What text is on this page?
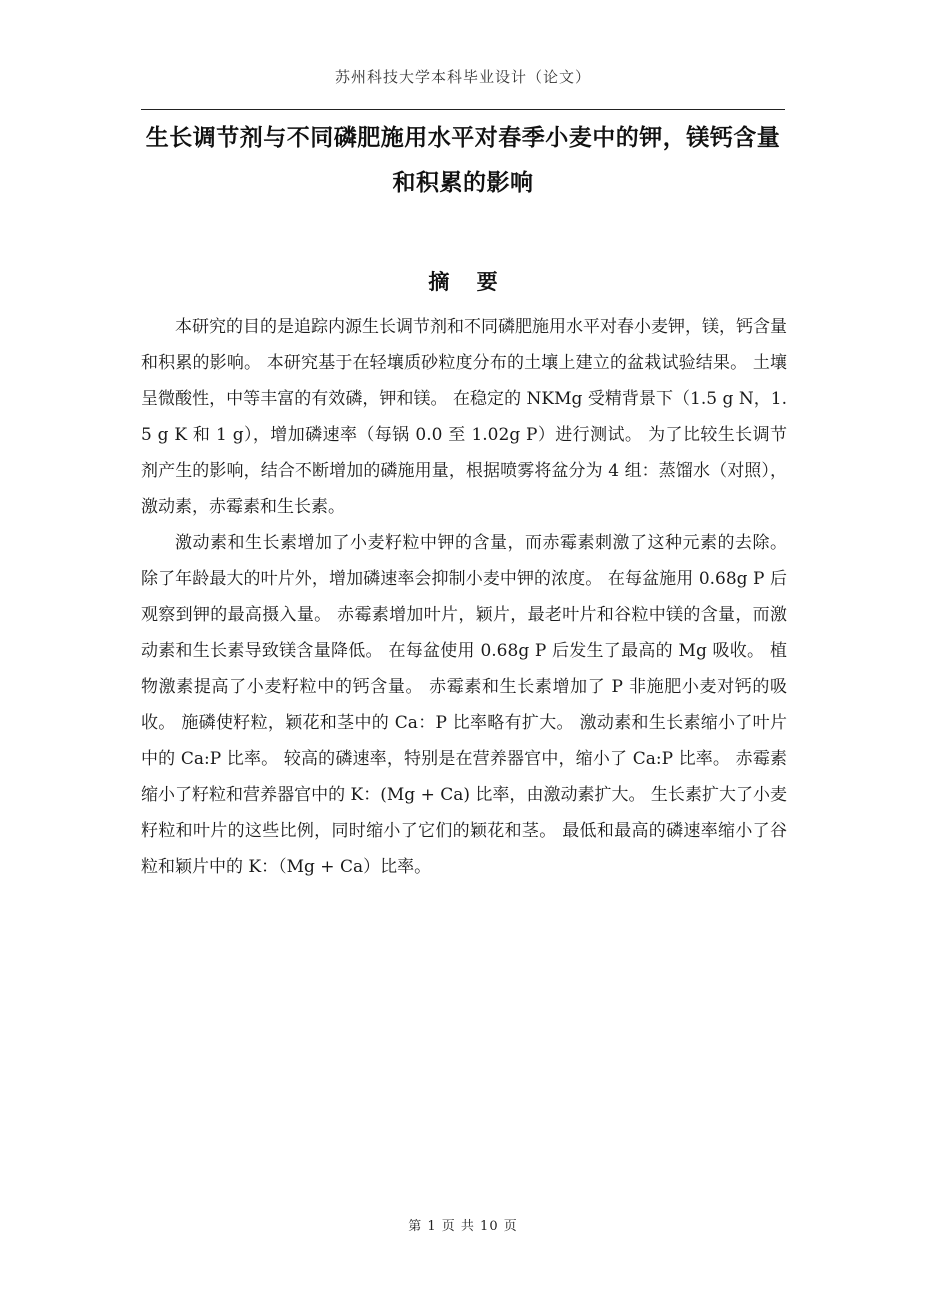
苏州科技大学本科毕业设计（论文）
生长调节剂与不同磷肥施用水平对春季小麦中的钾，镁钙含量和积累的影响
摘 要

本研究的目的是追踪内源生长调节剂和不同磷肥施用水平对春小麦钾，镁，钙含量和积累的影响。 本研究基于在轻壤质砂粒度分布的土壤上建立的盆栽试验结果。 土壤呈微酸性，中等丰富的有效磷，钾和镁。 在稳定的 NKMg 受精背景下（1.5 g N，1.5 g K 和 1 g），增加磷速率（每锅 0.0 至 1.02g P）进行测试。 为了比较生长调节剂产生的影响，结合不断增加的磷施用量，根据喷雾将盆分为 4 组：蒸馏水（对照），激动素，赤霉素和生长素。

激动素和生长素增加了小麦籽粒中钾的含量，而赤霉素刺激了这种元素的去除。 除了年龄最大的叶片外，增加磷速率会抑制小麦中钾的浓度。 在每盆施用 0.68g P 后观察到钾的最高摄入量。 赤霉素增加叶片，颖片，最老叶片和谷粒中镁的含量，而激动素和生长素导致镁含量降低。 在每盆使用 0.68g P 后发生了最高的 Mg 吸收。 植物激素提高了小麦籽粒中的钙含量。 赤霉素和生长素增加了 P 非施肥小麦对钙的吸收。 施磷使籽粒，颖花和茎中的 Ca：P 比率略有扩大。 激动素和生长素缩小了叶片中的 Ca:P 比率。 较高的磷速率，特别是在营养器官中，缩小了 Ca:P 比率。 赤霉素缩小了籽粒和营养器官中的 K：(Mg + Ca) 比率，由激动素扩大。 生长素扩大了小麦籽粒和叶片的这些比例，同时缩小了它们的颖花和茎。 最低和最高的磷速率缩小了谷粒和颖片中的 K：（Mg + Ca）比率。

第 1 页 共 10 页
